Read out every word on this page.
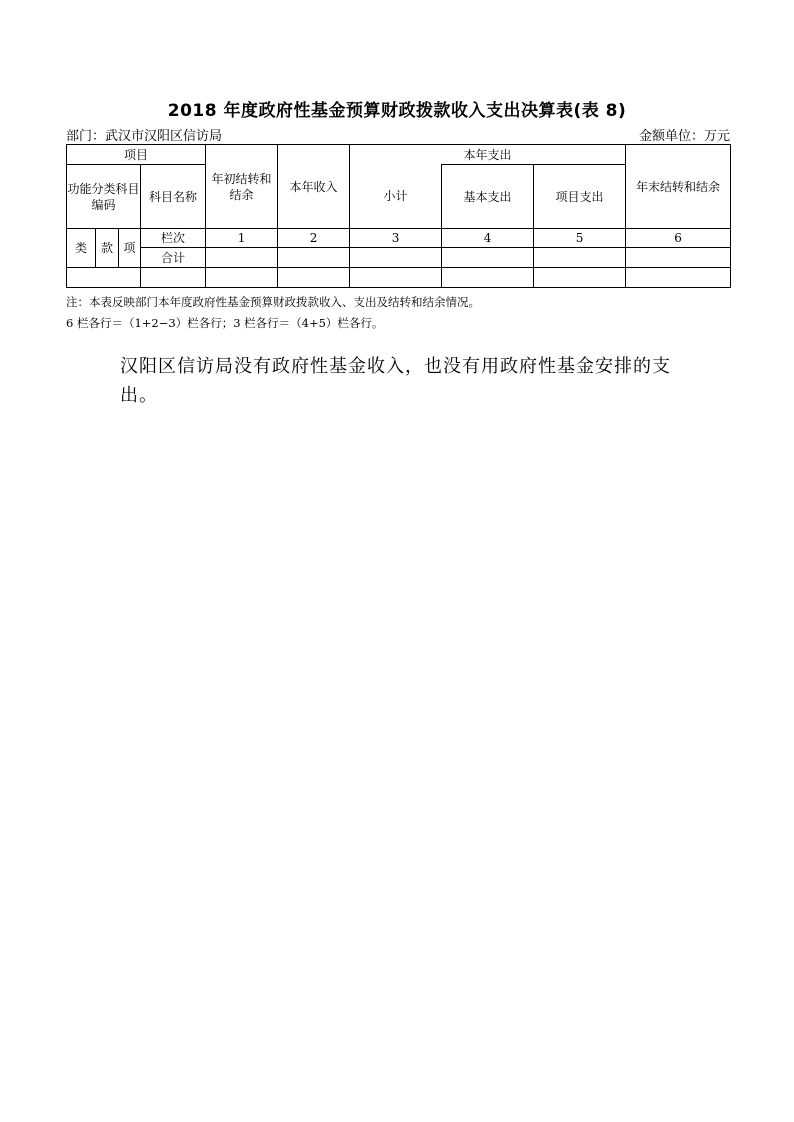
2018 年度政府性基金预算财政拨款收入支出决算表(表 8)
部门：武汉市汉阳区信访局	金额单位：万元
项目				年初结转和结余	本年收入	本年支出			年末结转和结余
功能分类科目编码			科目名称			小计	基本支出	项目支出	

类	款	项	栏次	1	2	3	4	5	6
			合计						

注：本表反映部门本年度政府性基金预算财政拨款收入、支出及结转和结余情况。
6 栏各行＝（1+2−3）栏各行；3 栏各行＝（4+5）栏各行。
汉阳区信访局没有政府性基金收入，也没有用政府性基金安排的支出。
